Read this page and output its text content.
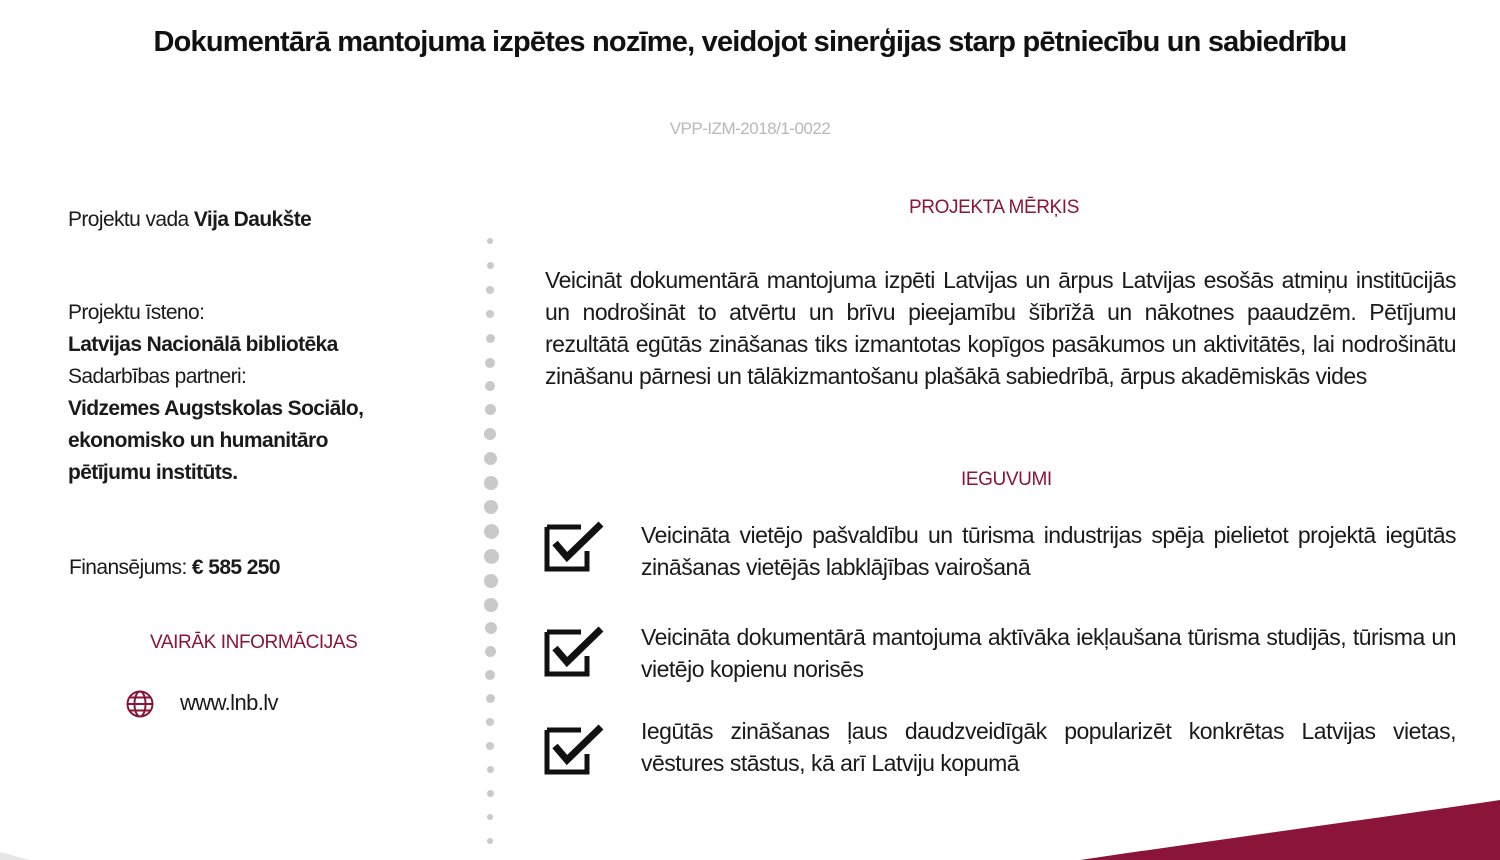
Dokumentārā mantojuma izpētes nozīme, veidojot sinerģijas starp pētniecību un sabiedrību
VPP-IZM-2018/1-0022
Projektu vada Vija Daukšte
Projektu īsteno:
Latvijas Nacionālā bibliotēka
Sadarbības partneri:
Vidzemes Augstskolas Sociālo,
ekonomisko un humanitāro
pētījumu institūts.
Finansējums: € 585 250
VAIRĀK INFORMĀCIJAS
www.lnb.lv
PROJEKTA MĒRĶIS
Veicināt dokumentārā mantojuma izpēti Latvijas un ārpus Latvijas esošās atmiņu institūcijās un nodrošināt to atvērtu un brīvu pieejamību šībrīžā un nākotnes paaudzēm. Pētījumu rezultātā egūtās zināšanas tiks izmantotas kopīgos pasākumos un aktivitātēs, lai nodrošinātu zināšanu pārnesi un tālākizmantošanu plašākā sabiedrībā, ārpus akadēmiskās vides
IEGUVUMI
Veicināta vietējo pašvaldību un tūrisma industrijas spēja pielietot projektā iegūtās zināšanas vietējās labklājības vairošanā
Veicināta dokumentārā mantojuma aktīvāka iekļaušana tūrisma studijās, tūrisma un vietējo kopienu norisēs
Iegūtās zināšanas ļaus daudzveidīgāk popularizēt konkrētas Latvijas vietas, vēstures stāstus, kā arī Latviju kopumā
